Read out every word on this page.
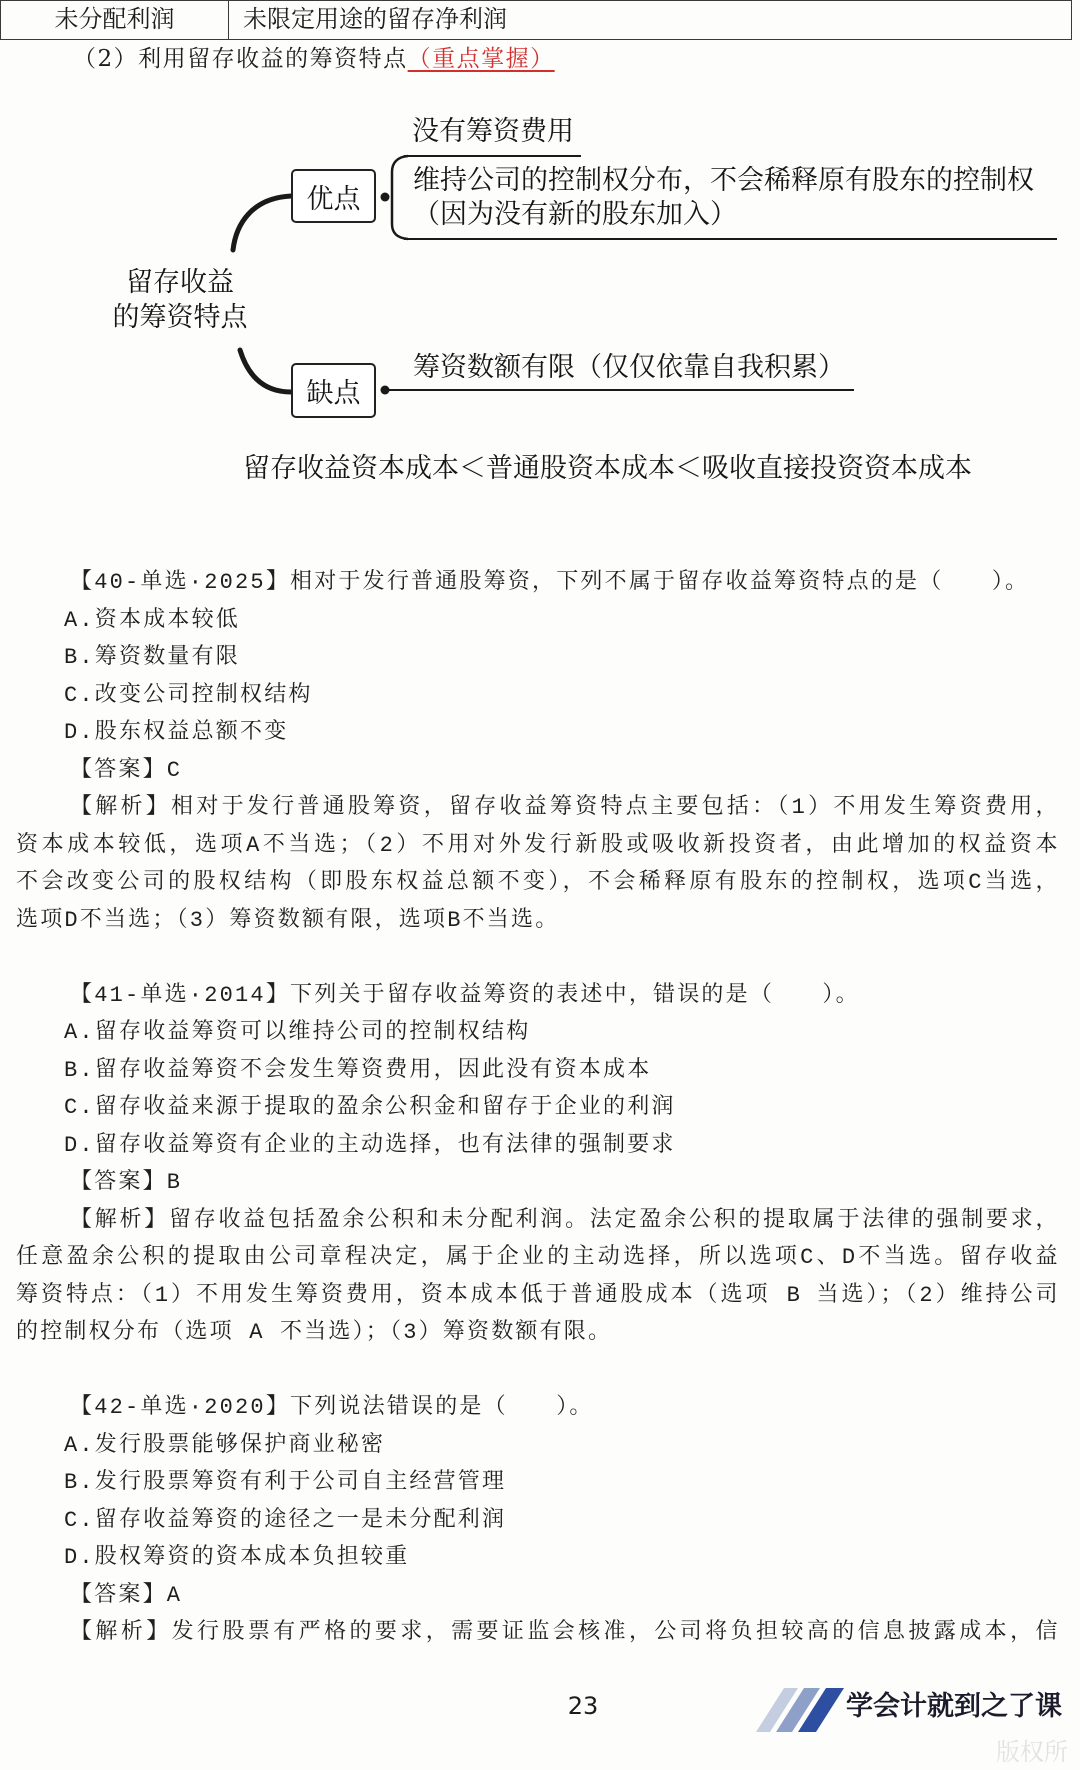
未分配利润	未限定用途的留存净利润
（2）利用留存收益的筹资特点（重点掌握）
留存收益
的筹资特点
优点
缺点
没有筹资费用
维持公司的控制权分布，不会稀释原有股东的控制权
（因为没有新的股东加入）
筹资数额有限（仅仅依靠自我积累）
留存收益资本成本＜普通股资本成本＜吸收直接投资资本成本
【40-单选·2025】相对于发行普通股筹资，下列不属于留存收益筹资特点的是（　　）。
A.资本成本较低
B.筹资数量有限
C.改变公司控制权结构
D.股东权益总额不变
【答案】C
【解析】相对于发行普通股筹资，留存收益筹资特点主要包括：（1）不用发生筹资费用，
资本成本较低，选项A不当选；（2）不用对外发行新股或吸收新投资者，由此增加的权益资本
不会改变公司的股权结构（即股东权益总额不变），不会稀释原有股东的控制权，选项C当选，
选项D不当选；（3）筹资数额有限，选项B不当选。
【41-单选·2014】下列关于留存收益筹资的表述中，错误的是（　　）。
A.留存收益筹资可以维持公司的控制权结构
B.留存收益筹资不会发生筹资费用，因此没有资本成本
C.留存收益来源于提取的盈余公积金和留存于企业的利润
D.留存收益筹资有企业的主动选择，也有法律的强制要求
【答案】B
【解析】留存收益包括盈余公积和未分配利润。法定盈余公积的提取属于法律的强制要求，
任意盈余公积的提取由公司章程决定，属于企业的主动选择，所以选项C、D不当选。留存收益
筹资特点：（1）不用发生筹资费用，资本成本低于普通股成本（选项 B 当选）；（2）维持公司
的控制权分布（选项 A 不当选）；（3）筹资数额有限。
【42-单选·2020】下列说法错误的是（　　）。
A.发行股票能够保护商业秘密
B.发行股票筹资有利于公司自主经营管理
C.留存收益筹资的途径之一是未分配利润
D.股权筹资的资本成本负担较重
【答案】A
【解析】发行股票有严格的要求，需要证监会核准，公司将负担较高的信息披露成本，信
23	学会计就到之了课
版权所
